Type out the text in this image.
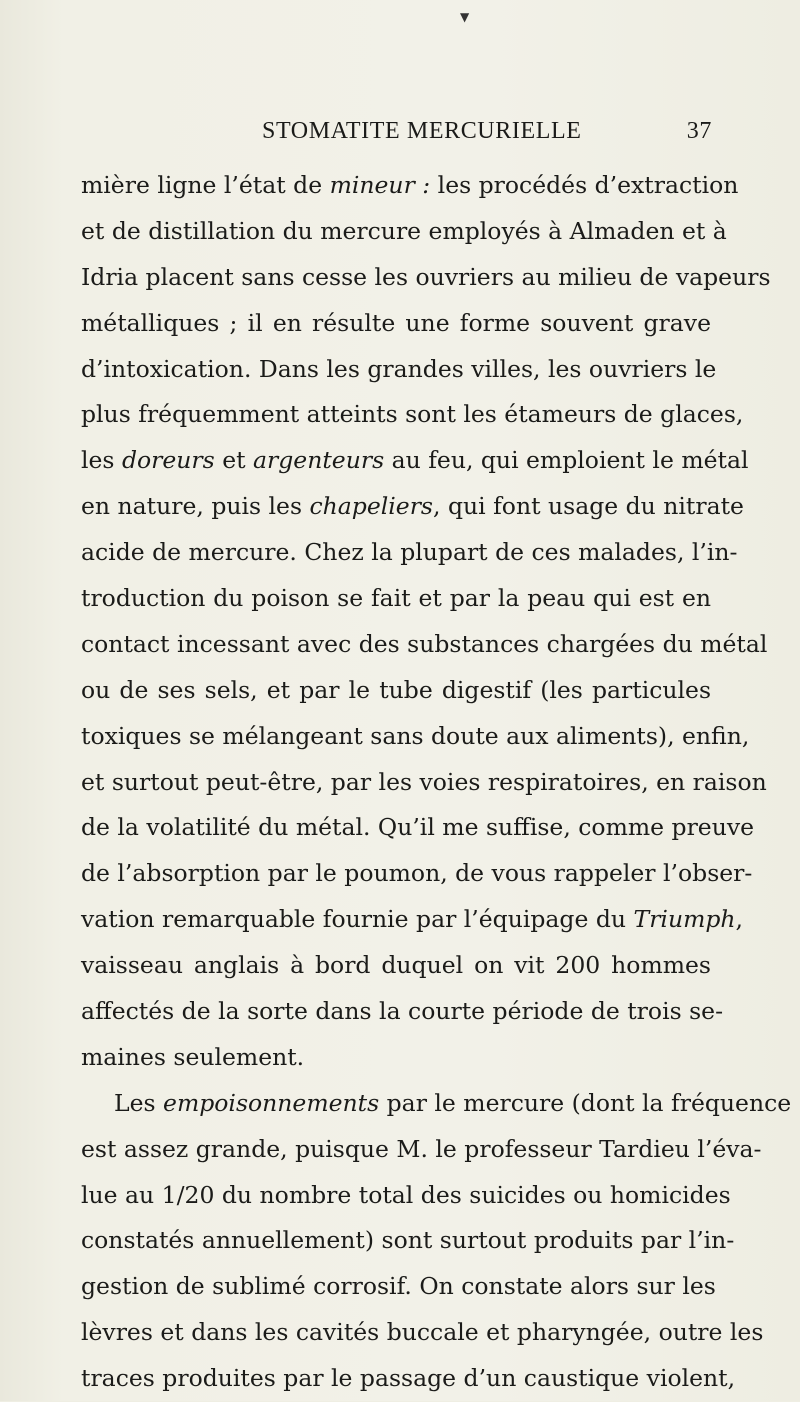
▼
STOMATITE MERCURIELLE	37
mière ligne l’état de mineur : les procédés d’extraction
et de distillation du mercure employés à Almaden et à
Idria placent sans cesse les ouvriers au milieu de vapeurs
métalliques ; il en résulte une forme souvent grave
d’intoxication. Dans les grandes villes, les ouvriers le
plus fréquemment atteints sont les étameurs de glaces,
les doreurs et argenteurs au feu, qui emploient le métal
en nature, puis les chapeliers, qui font usage du nitrate
acide de mercure. Chez la plupart de ces malades, l’in-
troduction du poison se fait et par la peau qui est en
contact incessant avec des substances chargées du métal
ou de ses sels, et par le tube digestif (les particules
toxiques se mélangeant sans doute aux aliments), enfin,
et surtout peut-être, par les voies respiratoires, en raison
de la volatilité du métal. Qu’il me suffise, comme preuve
de l’absorption par le poumon, de vous rappeler l’obser-
vation remarquable fournie par l’équipage du Triumph,
vaisseau anglais à bord duquel on vit 200 hommes
affectés de la sorte dans la courte période de trois se-
maines seulement.
Les empoisonnements par le mercure (dont la fréquence
est assez grande, puisque M. le professeur Tardieu l’éva-
lue au 1/20 du nombre total des suicides ou homicides
constatés annuellement) sont surtout produits par l’in-
gestion de sublimé corrosif. On constate alors sur les
lèvres et dans les cavités buccale et pharyngée, outre les
traces produites par le passage d’un caustique violent,
